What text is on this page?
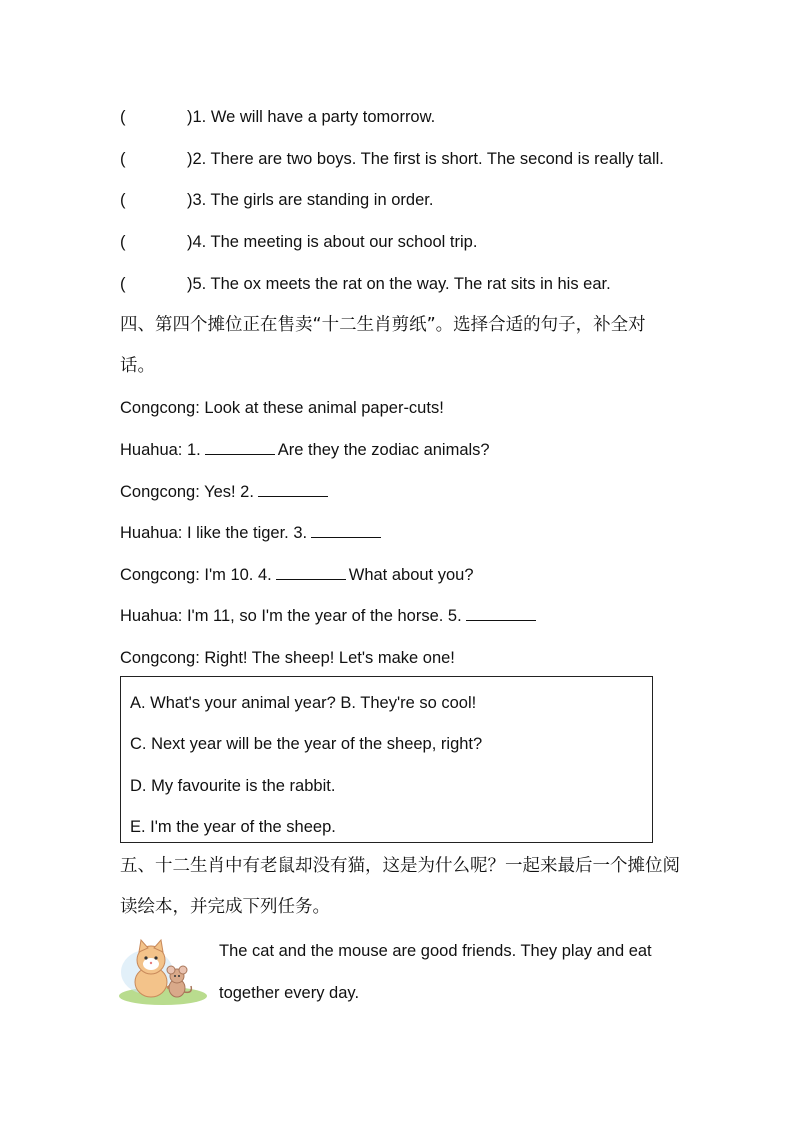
(	)1. We will have a party tomorrow.
(	)2. There are two boys. The first is short. The second is really tall.
(	)3. The girls are standing in order.
(	)4. The meeting is about our school trip.
(	)5. The ox meets the rat on the way. The rat sits in his ear.
四、第四个摊位正在售卖“十二生肖剪纸”。选择合适的句子，补全对话。
Congcong: Look at these animal paper-cuts!
Huahua: 1.	Are they the zodiac animals?
Congcong: Yes! 2.
Huahua: I like the tiger. 3.
Congcong: I'm 10. 4.	What about you?
Huahua: I'm 11, so I'm the year of the horse. 5.
Congcong: Right! The sheep! Let's make one!
A. What's your animal year? B. They're so cool!
C. Next year will be the year of the sheep, right?
D. My favourite is the rabbit.
E. I'm the year of the sheep.
五、十二生肖中有老鼠却没有猫，这是为什么呢？一起来最后一个摊位阅读绘本，并完成下列任务。
The cat and the mouse are good friends. They play and eat together every day.
